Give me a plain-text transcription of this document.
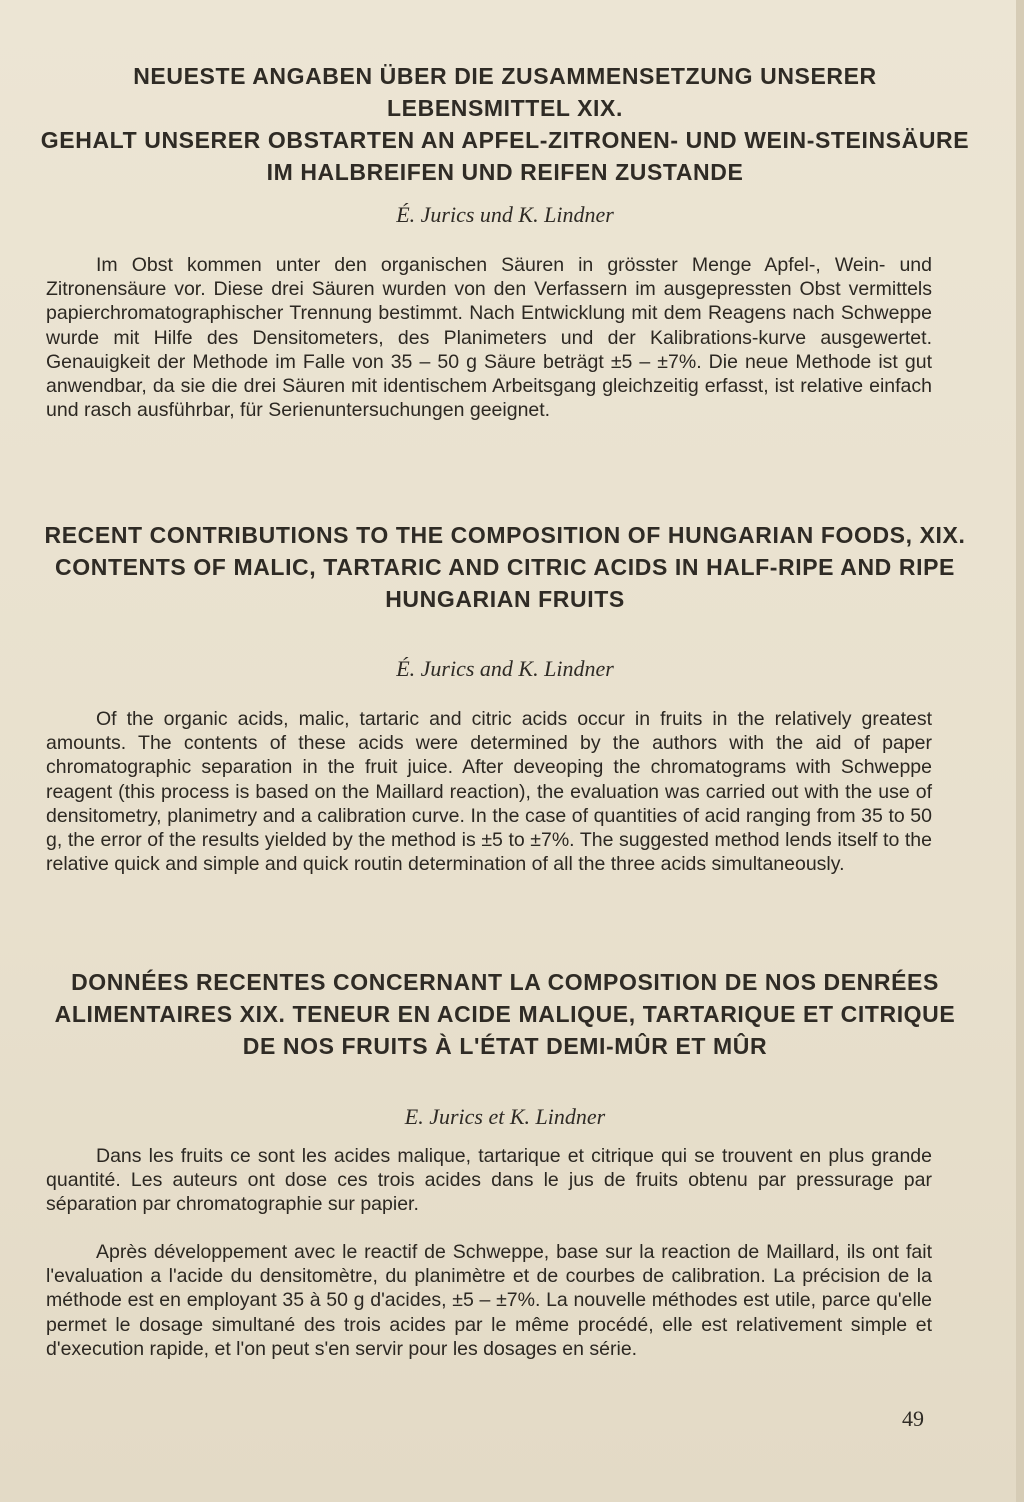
NEUESTE ANGABEN ÜBER DIE ZUSAMMENSETZUNG UNSERER LEBENSMITTEL XIX.
GEHALT UNSERER OBSTARTEN AN APFEL-ZITRONEN- UND WEIN-STEINSÄURE IM HALBREIFEN UND REIFEN ZUSTANDE

É. Jurics und K. Lindner

Im Obst kommen unter den organischen Säuren in grösster Menge Apfel-, Wein- und Zitronensäure vor. Diese drei Säuren wurden von den Verfassern im ausgepressten Obst vermittels papierchromatographischer Trennung bestimmt. Nach Entwicklung mit dem Reagens nach Schweppe wurde mit Hilfe des Densitometers, des Planimeters und der Kalibrations-kurve ausgewertet. Genauigkeit der Methode im Falle von 35 – 50 g Säure beträgt ±5 – ±7%. Die neue Methode ist gut anwendbar, da sie die drei Säuren mit identischem Arbeitsgang gleichzeitig erfasst, ist relative einfach und rasch ausführbar, für Serienuntersuchungen geeignet.

RECENT CONTRIBUTIONS TO THE COMPOSITION OF HUNGARIAN FOODS, XIX.
CONTENTS OF MALIC, TARTARIC AND CITRIC ACIDS IN HALF-RIPE AND RIPE HUNGARIAN FRUITS

É. Jurics and K. Lindner

Of the organic acids, malic, tartaric and citric acids occur in fruits in the relatively greatest amounts. The contents of these acids were determined by the authors with the aid of paper chromatographic separation in the fruit juice. After deveoping the chromatograms with Schweppe reagent (this process is based on the Maillard reaction), the evaluation was carried out with the use of densitometry, planimetry and a calibration curve. In the case of quantities of acid ranging from 35 to 50 g, the error of the results yielded by the method is ±5 to ±7%. The suggested method lends itself to the relative quick and simple and quick routin determination of all the three acids simultaneously.

DONNÉES RECENTES CONCERNANT LA COMPOSITION DE NOS DENRÉES ALIMENTAIRES XIX. TENEUR EN ACIDE MALIQUE, TARTARIQUE ET CITRIQUE DE NOS FRUITS À L'ÉTAT DEMI-MÛR ET MÛR

E. Jurics et K. Lindner

Dans les fruits ce sont les acides malique, tartarique et citrique qui se trouvent en plus grande quantité. Les auteurs ont dose ces trois acides dans le jus de fruits obtenu par pressurage par séparation par chromatographie sur papier.

Après développement avec le reactif de Schweppe, base sur la reaction de Maillard, ils ont fait l'evaluation a l'acide du densitomètre, du planimètre et de courbes de calibration. La précision de la méthode est en employant 35 à 50 g d'acides, ±5 – ±7%. La nouvelle méthodes est utile, parce qu'elle permet le dosage simultané des trois acides par le même procédé, elle est relativement simple et d'execution rapide, et l'on peut s'en servir pour les dosages en série.

49
